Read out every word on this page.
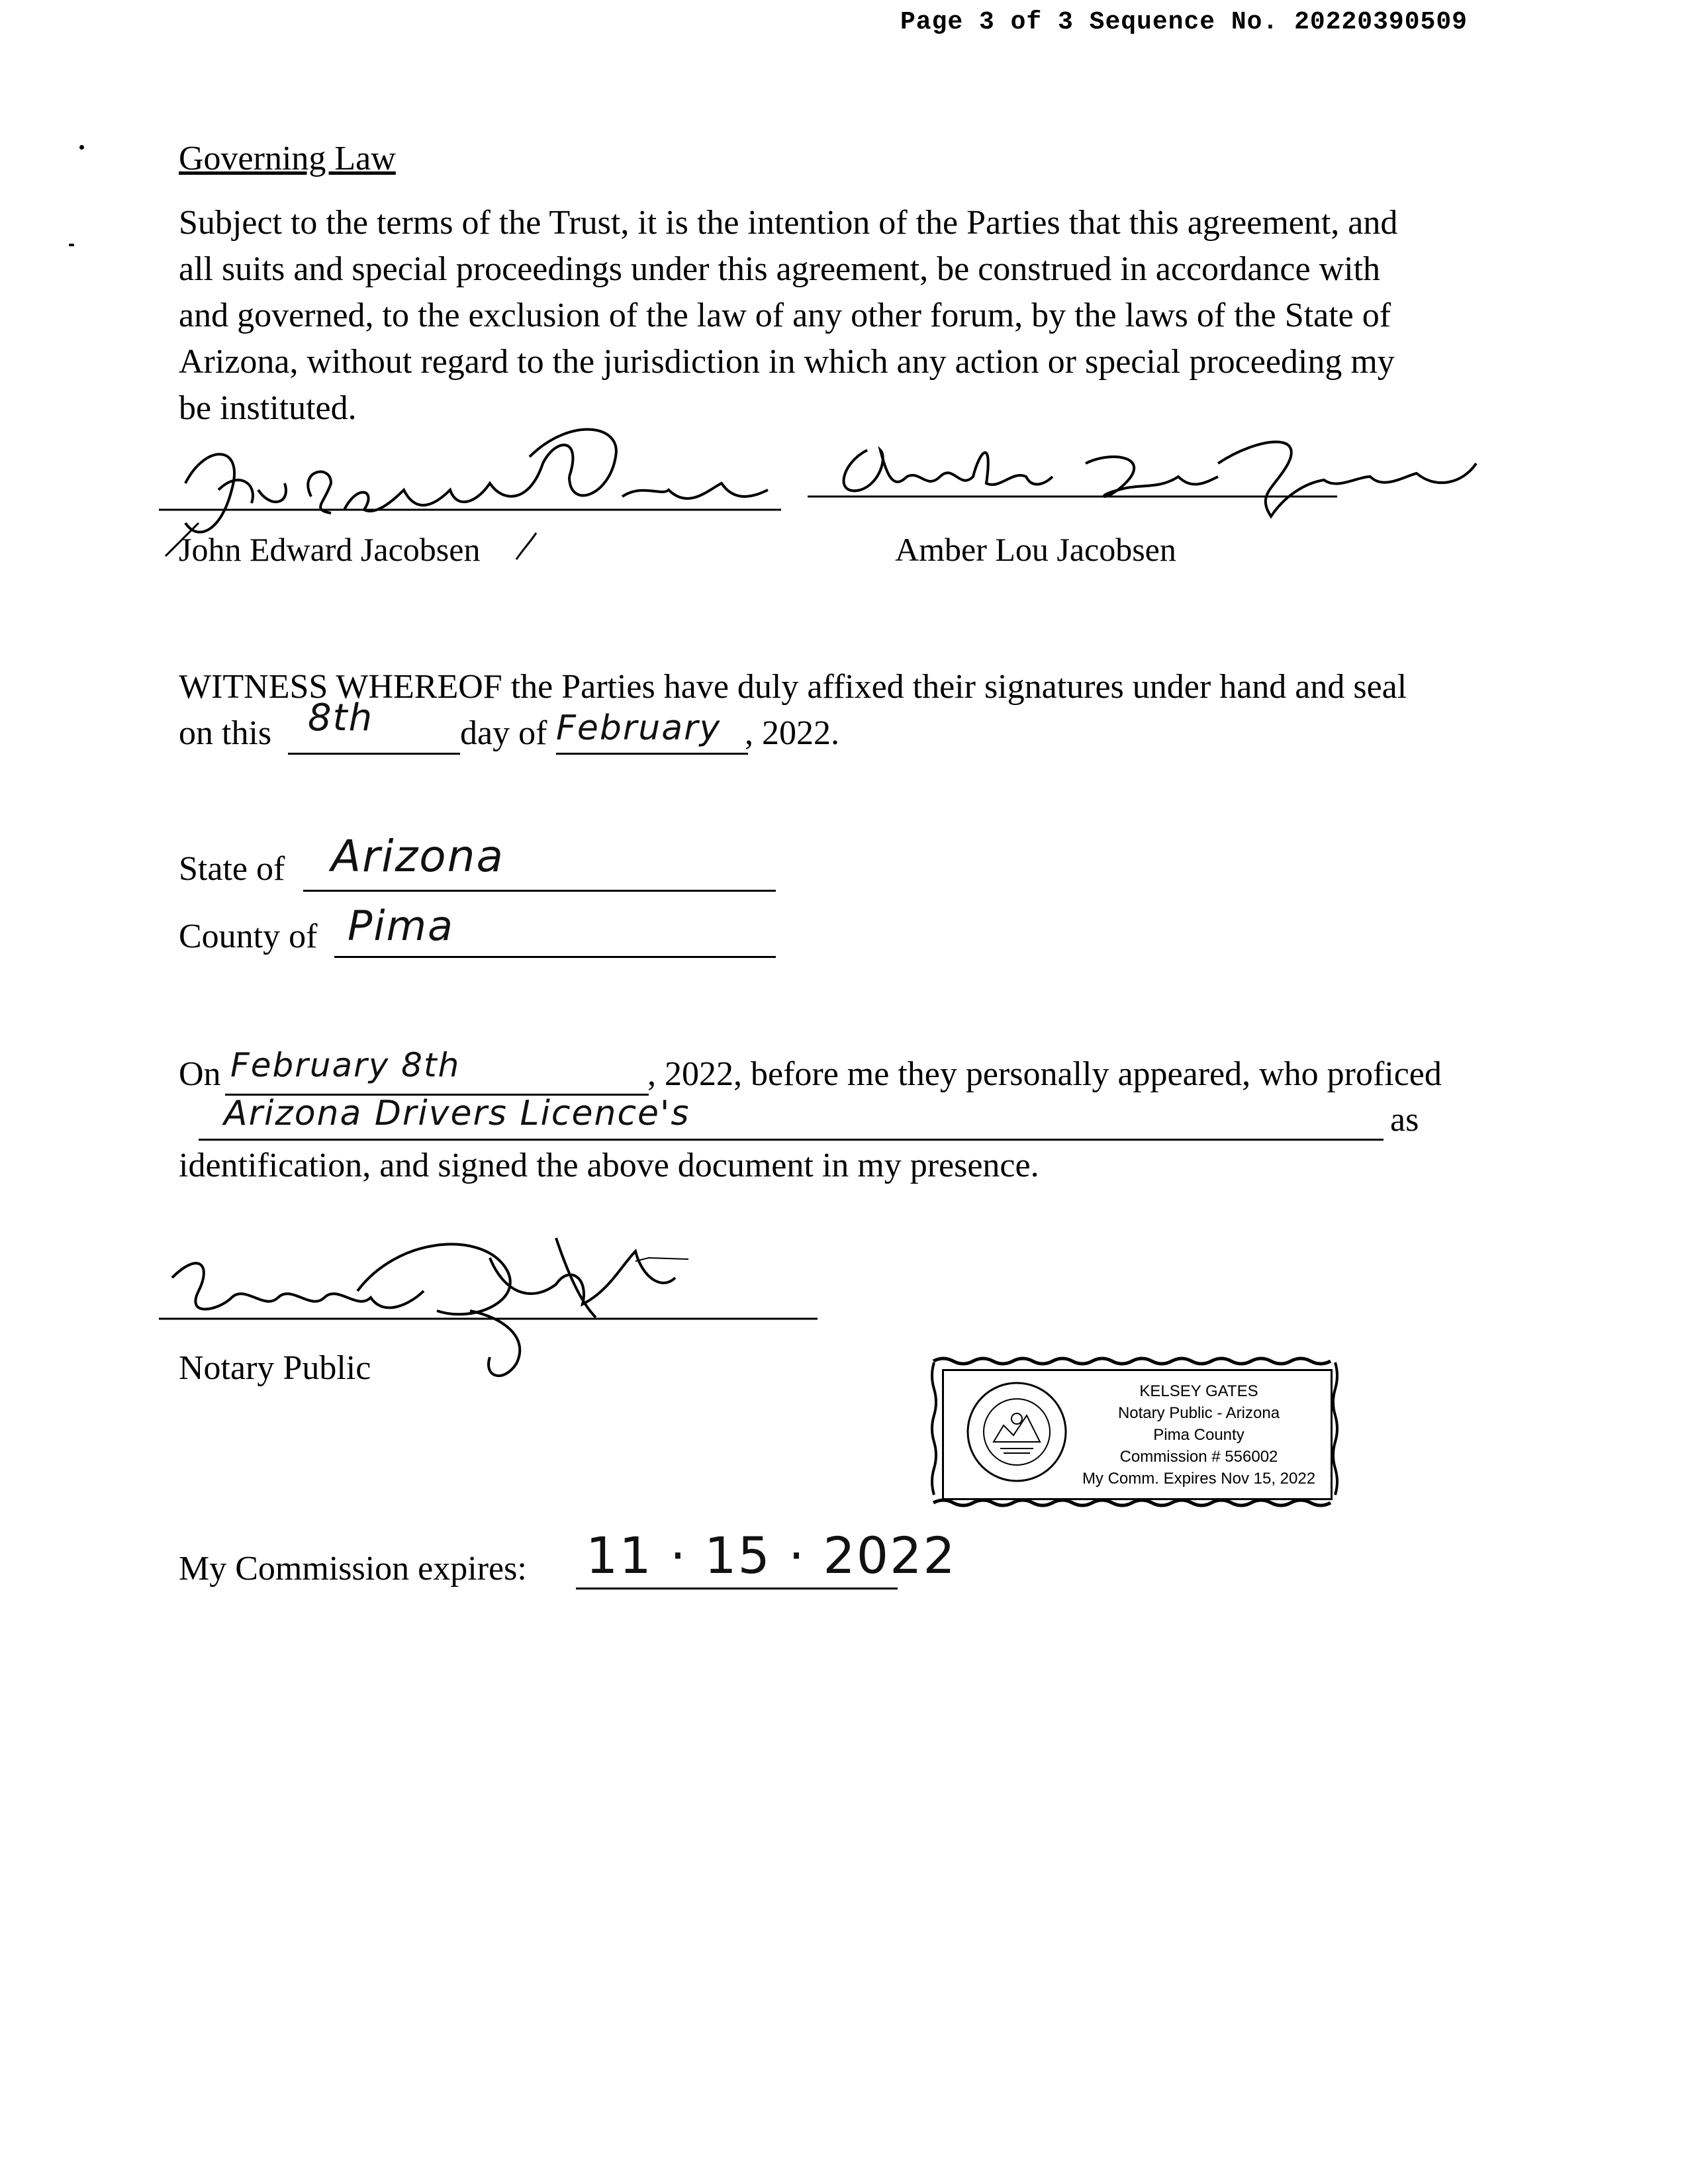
Page 3 of 3 Sequence No. 20220390509
Governing Law

Subject to the terms of the Trust, it is the intention of the Parties that this agreement, and

all suits and special proceedings under this agreement, be construed in accordance with

and governed, to the exclusion of the law of any other forum, by the laws of the State of

Arizona, without regard to the jurisdiction in which any action or special proceeding my

be instituted.

John Edward Jacobsen	Amber Lou Jacobsen
WITNESS WHEREOF the Parties have duly affixed their signatures under hand and seal
on this 8th	day of February , 2022.
State of Arizona
County of Pima
On February 8th	, 2022, before me they personally appeared, who proficed
Arizona Drivers Licence's	as
identification, and signed the above document in my presence.
Notary Public
KELSEY GATES
Notary Public - Arizona
Pima County
Commission # 556002
My Comm. Expires Nov 15, 2022
My Commission expires: 11 · 15 · 2022
